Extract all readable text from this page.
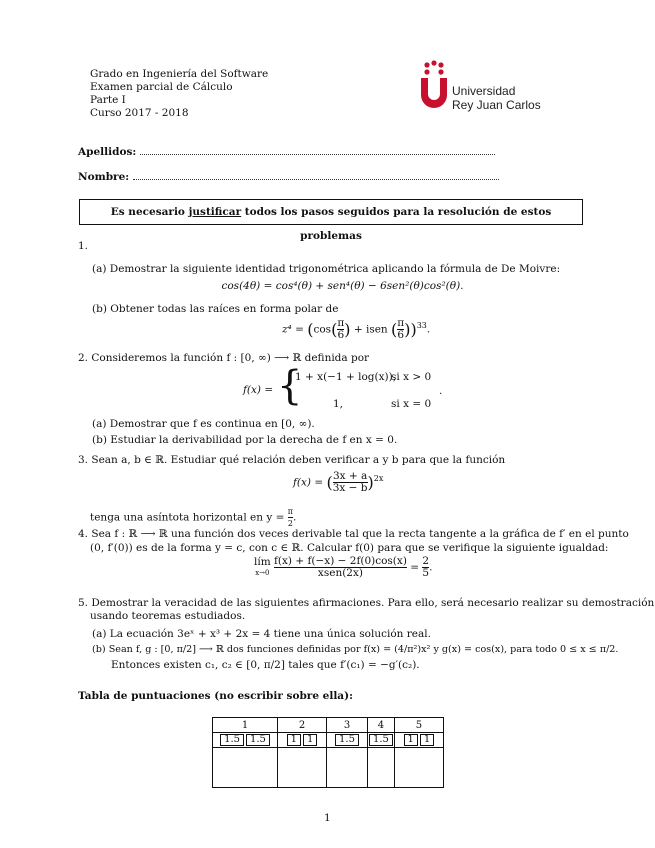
Grado en Ingeniería del Software
Examen parcial de Cálculo
Parte I
Curso 2017 - 2018
Universidad
Rey Juan Carlos
Apellidos:
Nombre:
Es necesario justificar todos los pasos seguidos para la resolución de estos problemas
1.
(a) Demostrar la siguiente identidad trigonométrica aplicando la fórmula de De Moivre:
cos(4θ) = cos⁴(θ) + sen⁴(θ) − 6sen²(θ)cos²(θ).
(b) Obtener todas las raíces en forma polar de
$z^4 = (\cos( \frac{\pi}{6}$ ) + isen ( $\frac{\pi}{6} ))^{33}$.
2. Consideremos la función f : [0, ∞) ⟶ ℝ definida por
f(x) = {
1 + x(−1 + log(x)),
si x > 0
1,	si x = 0
.
(a) Demostrar que f es continua en [0, ∞).
(b) Estudiar la derivabilidad por la derecha de f en x = 0.
3. Sean a, b ∈ ℝ. Estudiar qué relación deben verificar a y b para que la función
f(x) = ( $\frac{3x + a}{3x - b} )^{2x}$
tenga una asíntota horizontal en $y = \frac{\pi}{2}$ .
4. Sea f : ℝ ⟶ ℝ una función dos veces derivable tal que la recta tangente a la gráfica de f′ en el punto
(0, f′(0)) es de la forma y = c, con c ∈ ℝ. Calcular f(0) para que se verifique la siguiente igualdad:
lím
x→0
$\frac{f(x) + f(-x) - 2f(0)\cos(x)}{\text{xsen(2x)}} = \frac{2}{5}$ .
5. Demostrar la veracidad de las siguientes afirmaciones. Para ello, será necesario realizar su demostración
usando teoremas estudiados.
(a) La ecuación 3eˣ + x³ + 2x = 4 tiene una única solución real.
(b) Sean f, g : [0, π/2] ⟶ ℝ dos funciones definidas por f(x) = (4/π²)x² y g(x) = cos(x), para todo 0 ≤ x ≤ π/2.
Entonces existen c₁, c₂ ∈ [0, π/2] tales que f′(c₁) = −g′(c₂).
Tabla de puntuaciones (no escribir sobre ella):
1	2	3	4	5
1.5 1.5	1 1	1.5	1.5	1 1

1
